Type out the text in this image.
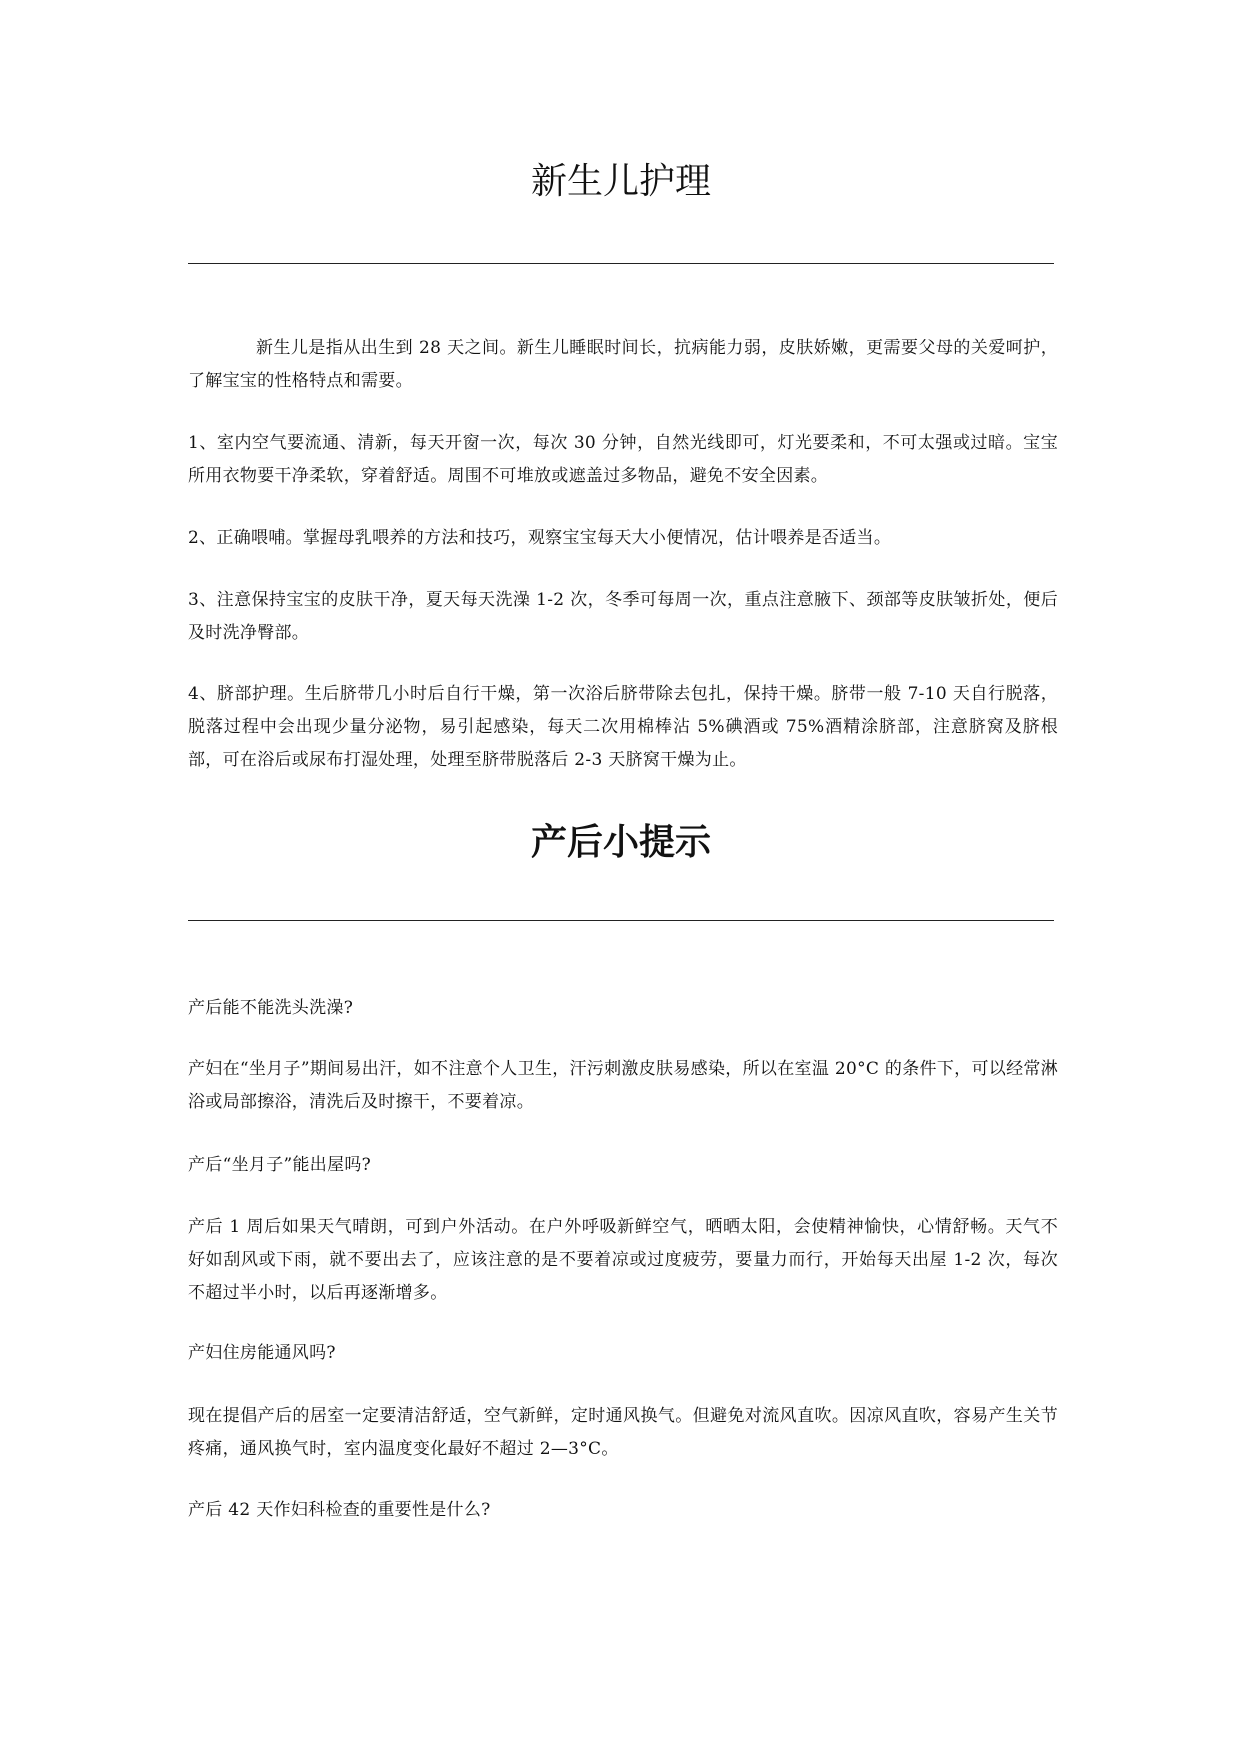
新生儿护理

新生儿是指从出生到 28 天之间。新生儿睡眠时间长，抗病能力弱，皮肤娇嫩，更需要父母的关爱呵护，了解宝宝的性格特点和需要。

1、室内空气要流通、清新，每天开窗一次，每次 30 分钟，自然光线即可，灯光要柔和，不可太强或过暗。宝宝所用衣物要干净柔软，穿着舒适。周围不可堆放或遮盖过多物品，避免不安全因素。

2、正确喂哺。掌握母乳喂养的方法和技巧，观察宝宝每天大小便情况，估计喂养是否适当。

3、注意保持宝宝的皮肤干净，夏天每天洗澡 1-2 次，冬季可每周一次，重点注意腋下、颈部等皮肤皱折处，便后及时洗净臀部。

4、脐部护理。生后脐带几小时后自行干燥，第一次浴后脐带除去包扎，保持干燥。脐带一般 7-10 天自行脱落，脱落过程中会出现少量分泌物，易引起感染，每天二次用棉棒沾 5%碘酒或 75%酒精涂脐部，注意脐窝及脐根部，可在浴后或尿布打湿处理，处理至脐带脱落后 2-3 天脐窝干燥为止。

产后小提示

产后能不能洗头洗澡?

产妇在“坐月子”期间易出汗，如不注意个人卫生，汗污刺激皮肤易感染，所以在室温 20°C 的条件下，可以经常淋浴或局部擦浴，清洗后及时擦干，不要着凉。

产后“坐月子”能出屋吗?

产后 1 周后如果天气晴朗，可到户外活动。在户外呼吸新鲜空气，晒晒太阳，会使精神愉快，心情舒畅。天气不好如刮风或下雨，就不要出去了，应该注意的是不要着凉或过度疲劳，要量力而行，开始每天出屋 1-2 次，每次不超过半小时，以后再逐渐增多。

产妇住房能通风吗?

现在提倡产后的居室一定要清洁舒适，空气新鲜，定时通风换气。但避免对流风直吹。因凉风直吹，容易产生关节疼痛，通风换气时，室内温度变化最好不超过 2—3°C。

产后 42 天作妇科检查的重要性是什么?
